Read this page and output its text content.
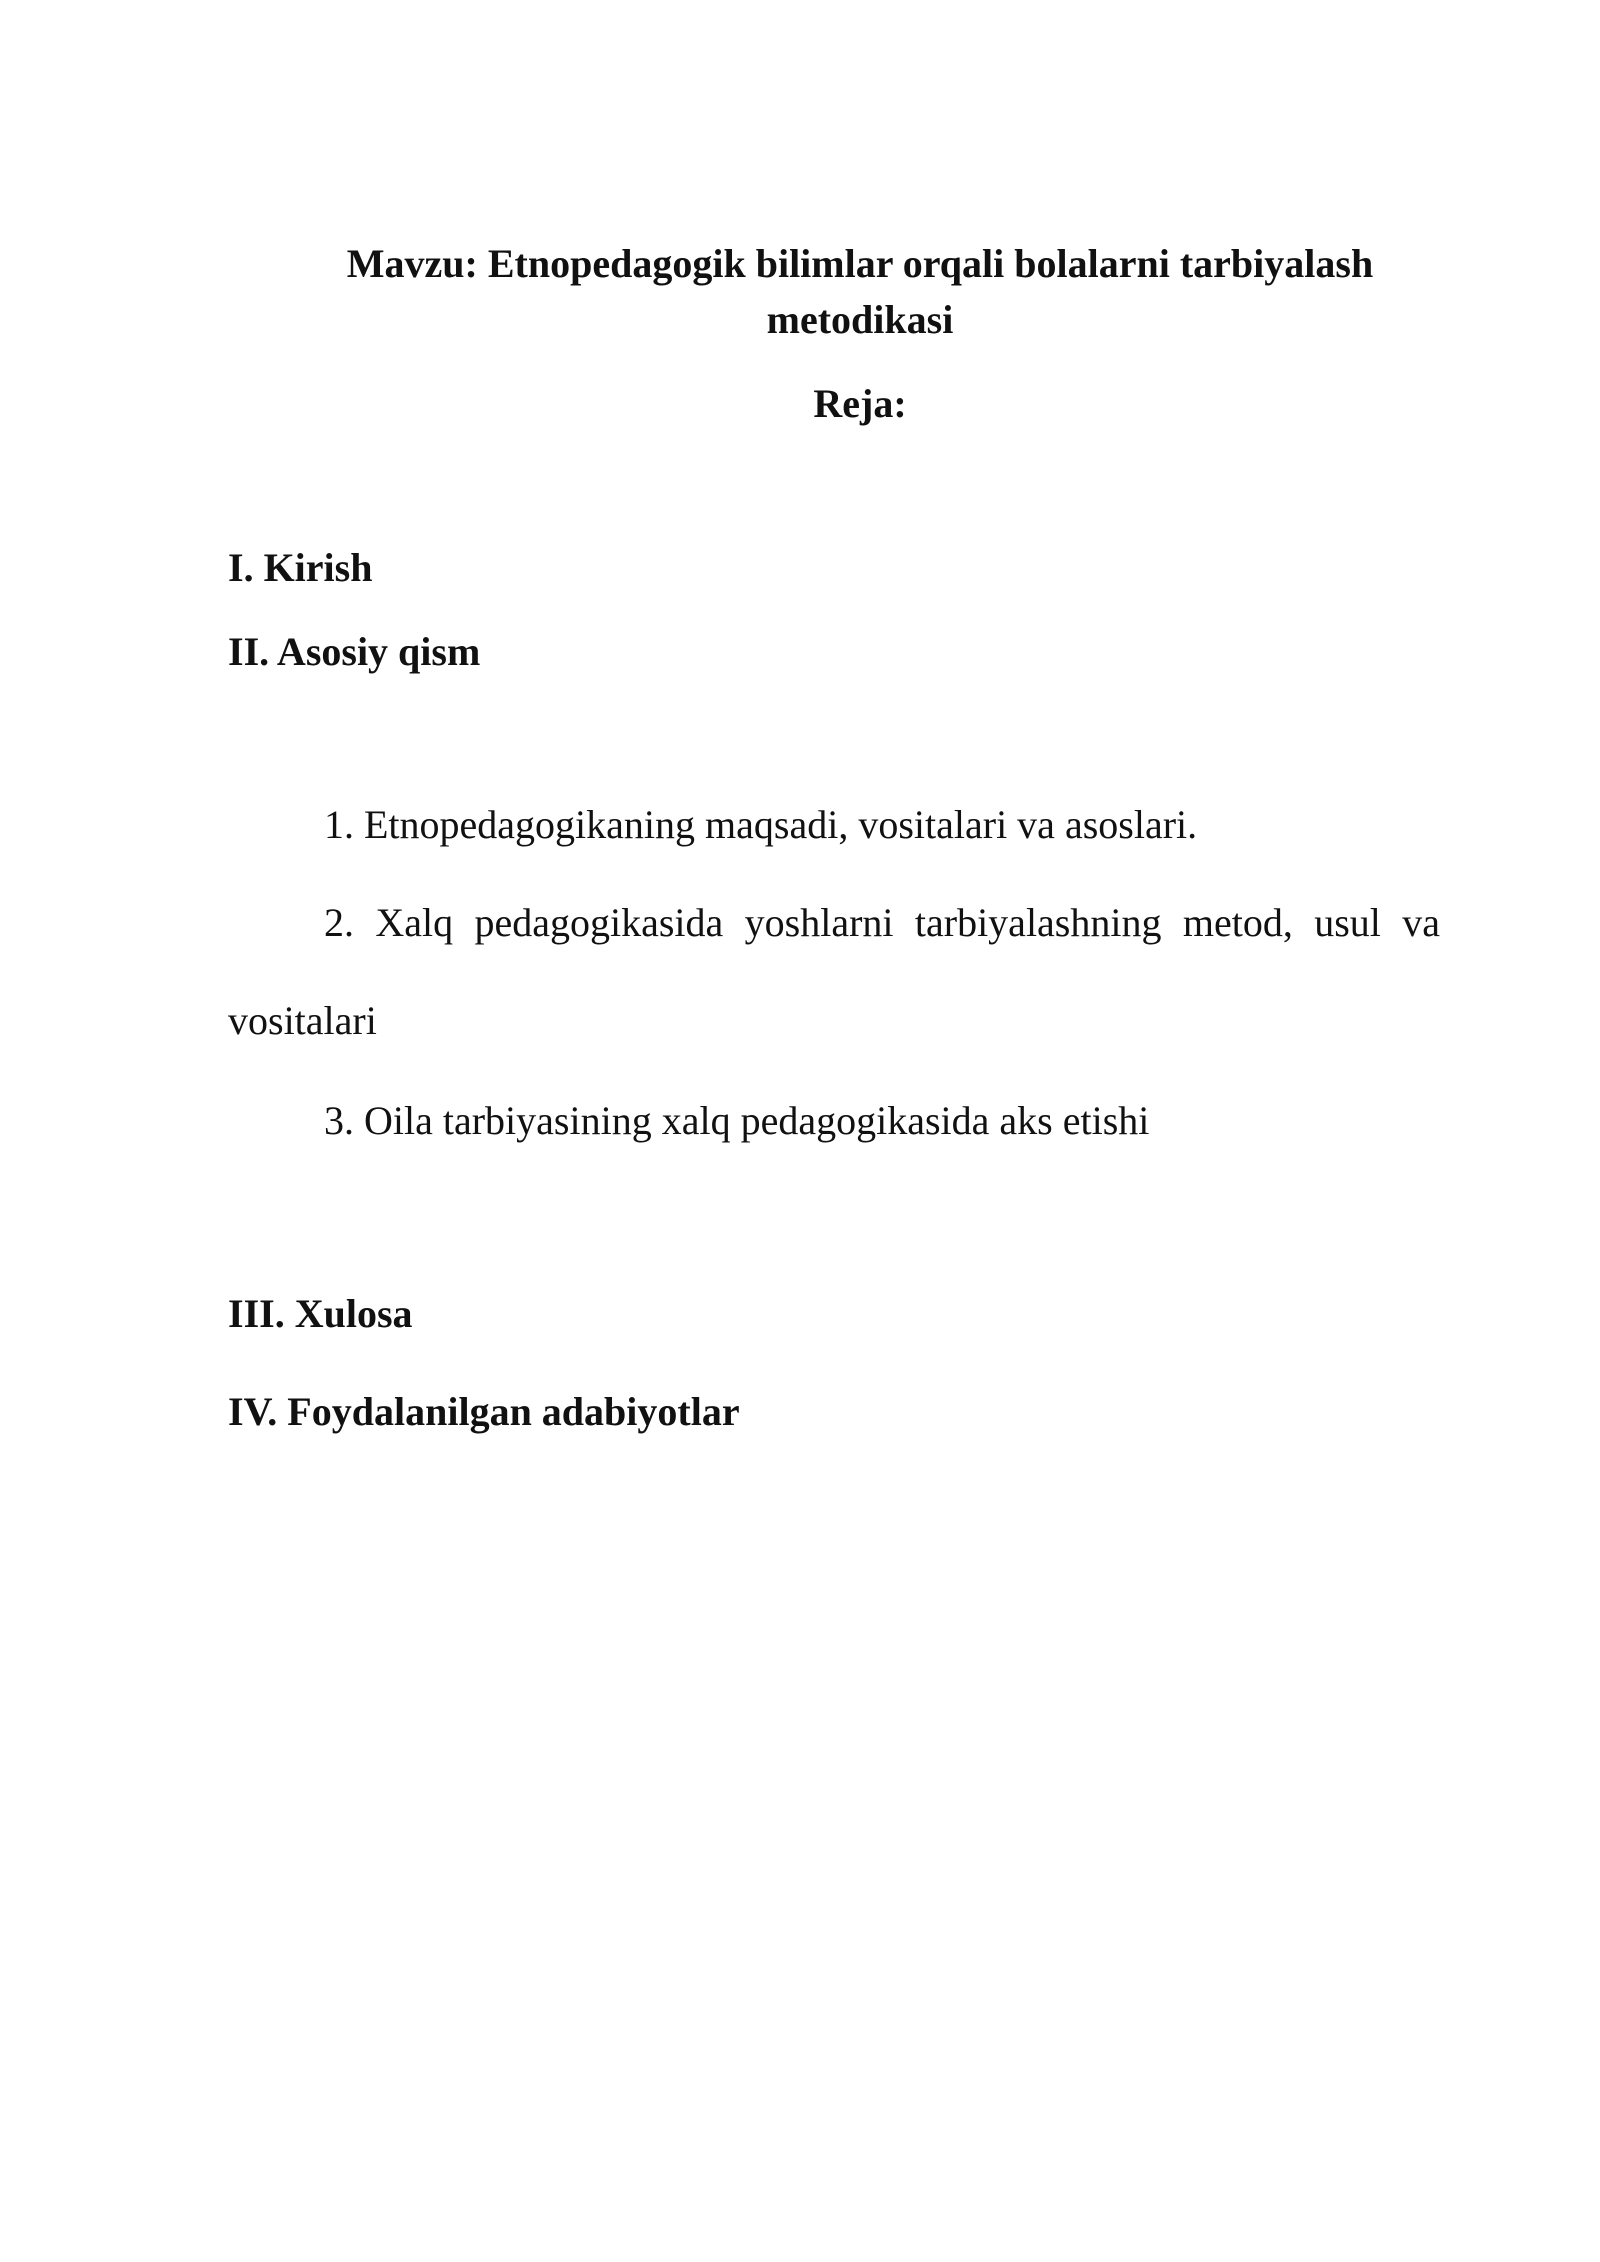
Mavzu: Etnopedagogik bilimlar orqali bolalarni tarbiyalash metodikasi
Reja:

I. Kirish

II. Asosiy qism

1. Etnopedagogikaning maqsadi, vositalari va asoslari.

2. Xalq pedagogikasida yoshlarni tarbiyalashning metod, usul va vositalari

3. Oila tarbiyasining xalq pedagogikasida aks etishi

III. Xulosa

IV. Foydalanilgan adabiyotlar
